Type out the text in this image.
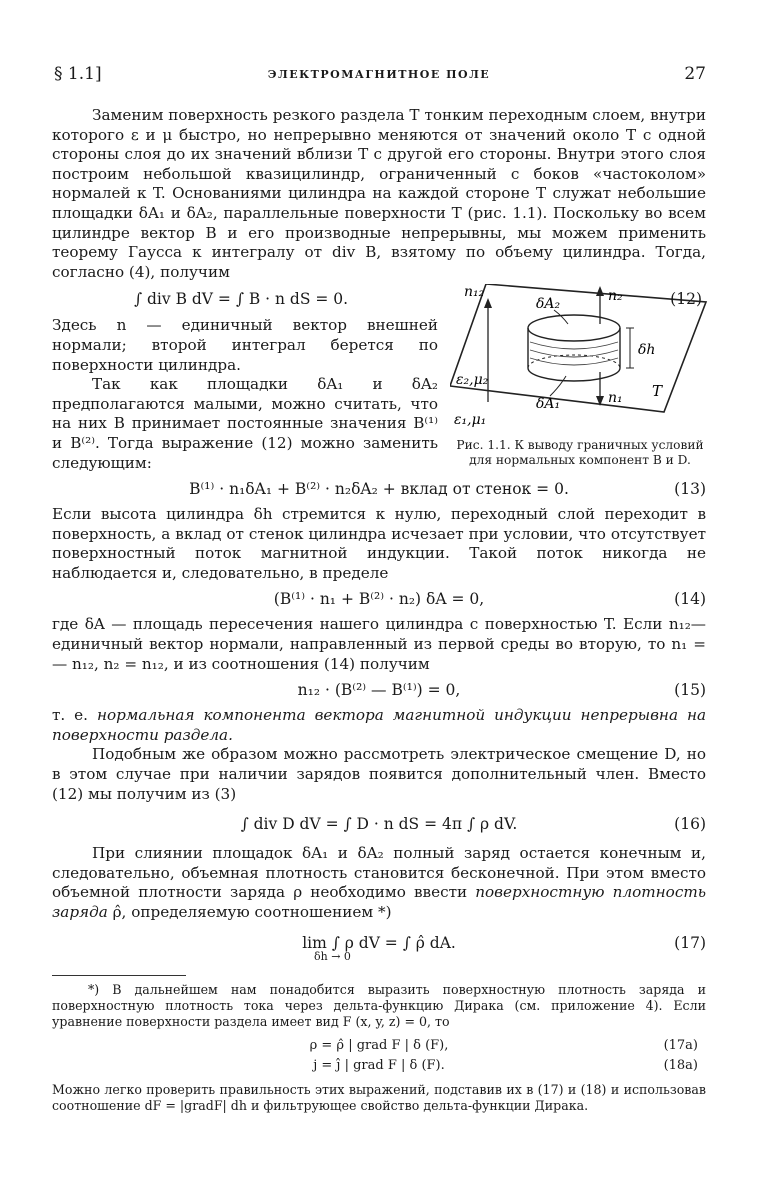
§ 1.1]	ЭЛЕКТРОМАГНИТНОЕ ПОЛЕ	27

Заменим поверхность резкого раздела T тонким переходным слоем, внутри которого ε и μ быстро, но непрерывно меняются от значений около T с одной стороны слоя до их значений вблизи T с другой его стороны. Внутри этого слоя построим небольшой квазицилиндр, ограниченный с боков «частоколом» нормалей к T. Основаниями цилиндра на каждой стороне T служат небольшие площадки δA₁ и δA₂, параллельные поверхности T (рис. 1.1). Поскольку во всем цилиндре вектор B и его производные непрерывны, мы можем применить теорему Гаусса к интегралу от div B, взятому по объему цилиндра. Тогда, согласно (4), получим

n₁₂
δA₂	n₂
δh
ε₂,μ₂
δA₁	n₁ T
ε₁,μ₁
Рис. 1.1. К выводу граничных условий для нормальных компонент B и D.
∫ div B dV = ∫ B · n dS = 0.	(12)

Здесь n — единичный вектор внешней нормали; второй интеграл берется по поверхности цилиндра.

Так как площадки δA₁ и δA₂ предполагаются малыми, можно считать, что на них B принимает постоянные значения B⁽¹⁾ и B⁽²⁾. Тогда выражение (12) можно заменить следующим:

B⁽¹⁾ · n₁δA₁ + B⁽²⁾ · n₂δA₂ + вклад от стенок = 0.	(13)

Если высота цилиндра δh стремится к нулю, переходный слой переходит в поверхность, а вклад от стенок цилиндра исчезает при условии, что отсутствует поверхностный поток магнитной индукции. Такой поток никогда не наблюдается и, следовательно, в пределе

(B⁽¹⁾ · n₁ + B⁽²⁾ · n₂) δA = 0,	(14)

где δA — площадь пересечения нашего цилиндра с поверхностью T. Если n₁₂— единичный вектор нормали, направленный из первой среды во вторую, то n₁ = — n₁₂, n₂ = n₁₂, и из соотношения (14) получим

n₁₂ · (B⁽²⁾ — B⁽¹⁾) = 0,	(15)

т. е. нормальная компонента вектора магнитной индукции непрерывна на поверхности раздела.

Подобным же образом можно рассмотреть электрическое смещение D, но в этом случае при наличии зарядов появится дополнительный член. Вместо (12) мы получим из (3)

∫ div D dV = ∫ D · n dS = 4π ∫ ρ dV.	(16)

При слиянии площадок δA₁ и δA₂ полный заряд остается конечным и, следовательно, объемная плотность становится бесконечной. При этом вместо объемной плотности заряда ρ необходимо ввести поверхностную плотность заряда ρ̂, определяемую соотношением *)

lim ∫ ρ dV = ∫ ρ̂ dA.
δh → 0
(17)

*) В дальнейшем нам понадобится выразить поверхностную плотность заряда и поверхностную плотность тока через дельта-функцию Дирака (см. приложение 4). Если уравнение поверхности раздела имеет вид F (x, y, z) = 0, то

ρ = ρ̂ | grad F | δ (F),	(17a)
j = ĵ | grad F | δ (F).	(18a)

Можно легко проверить правильность этих выражений, подставив их в (17) и (18) и использовав соотношение dF = |gradF| dh и фильтрующее свойство дельта-функции Дирака.
